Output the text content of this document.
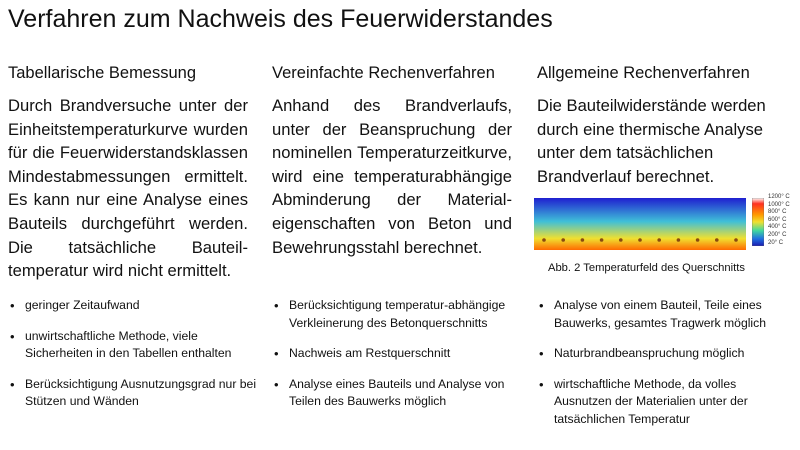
Verfahren zum Nachweis des Feuerwiderstandes
Tabellarische Bemessung
Durch Brandversuche unter der Einheitstemperaturkurve wurden für die Feuerwiderstandsklassen Mindestabmessungen ermittelt. Es kann nur eine Analyse eines Bauteils durchgeführt werden. Die tatsächliche Bauteil-temperatur wird nicht ermittelt.
Vereinfachte Rechenverfahren
Anhand des Brandverlaufs, unter der Beanspruchung der nominellen Temperaturzeitkurve, wird eine temperaturabhängige Abminderung der Material-eigenschaften von Beton und Bewehrungsstahl berechnet.
Allgemeine Rechenverfahren
Die Bauteilwiderstände werden durch eine thermische Analyse unter dem tatsächlichen Brandverlauf berechnet.
1200° C
1000° C
800° C
600° C
400° C
200° C
20° C
Abb. 2 Temperaturfeld des Querschnitts
• geringer Zeitaufwand
• unwirtschaftliche Methode, viele Sicherheiten in den Tabellen enthalten
• Berücksichtigung Ausnutzungsgrad nur bei Stützen und Wänden
• Berücksichtigung temperatur-abhängige Verkleinerung des Betonquerschnitts
• Nachweis am Restquerschnitt
• Analyse eines Bauteils und Analyse von Teilen des Bauwerks möglich
• Analyse von einem Bauteil, Teile eines Bauwerks, gesamtes Tragwerk möglich
• Naturbrandbeanspruchung möglich
• wirtschaftliche Methode, da volles Ausnutzen der Materialien unter der tatsächlichen Temperatur
